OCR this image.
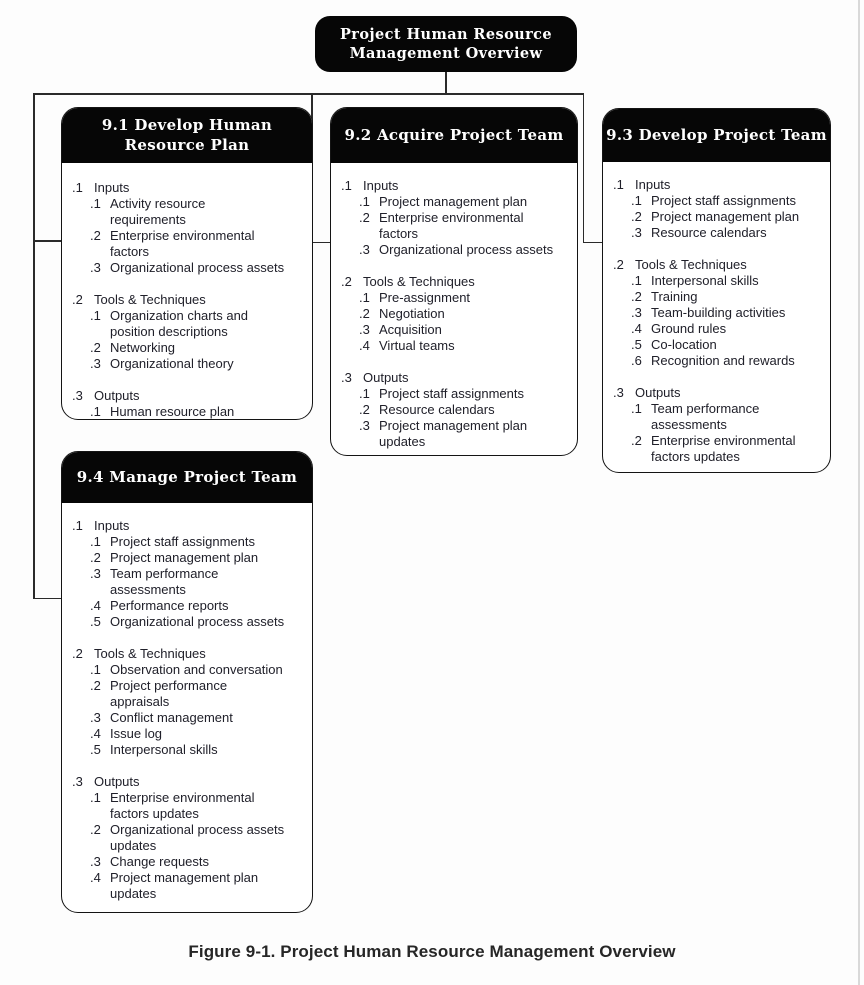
Project Human Resource
Management Overview
9.1 Develop Human
Resource Plan
.1 Inputs
.1 Activity resource
requirements
.2 Enterprise environmental
factors
.3 Organizational process assets
.2 Tools & Techniques
.1 Organization charts and
position descriptions
.2 Networking
.3 Organizational theory
.3 Outputs
.1 Human resource plan
9.2 Acquire Project Team
.1 Inputs
.1 Project management plan
.2 Enterprise environmental
factors
.3 Organizational process assets
.2 Tools & Techniques
.1 Pre-assignment
.2 Negotiation
.3 Acquisition
.4 Virtual teams
.3 Outputs
.1 Project staff assignments
.2 Resource calendars
.3 Project management plan
updates
9.3 Develop Project Team
.1 Inputs
.1 Project staff assignments
.2 Project management plan
.3 Resource calendars
.2 Tools & Techniques
.1 Interpersonal skills
.2 Training
.3 Team-building activities
.4 Ground rules
.5 Co-location
.6 Recognition and rewards
.3 Outputs
.1 Team performance
assessments
.2 Enterprise environmental
factors updates
9.4 Manage Project Team
.1 Inputs
.1 Project staff assignments
.2 Project management plan
.3 Team performance
assessments
.4 Performance reports
.5 Organizational process assets
.2 Tools & Techniques
.1 Observation and conversation
.2 Project performance
appraisals
.3 Conflict management
.4 Issue log
.5 Interpersonal skills
.3 Outputs
.1 Enterprise environmental
factors updates
.2 Organizational process assets
updates
.3 Change requests
.4 Project management plan
updates
Figure 9-1. Project Human Resource Management Overview
